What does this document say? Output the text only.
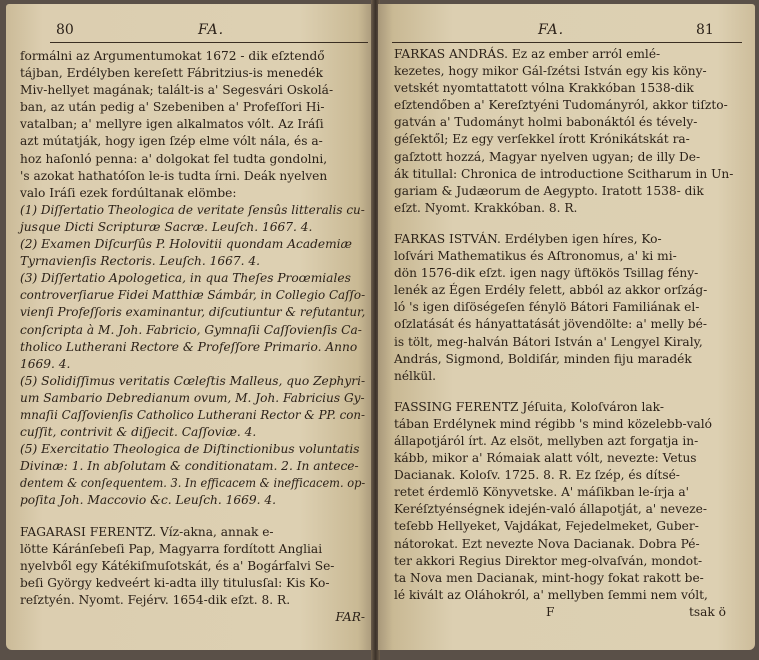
80	FA.
formálni az Argumentumokat 1672 - dik eſztendő
tájban, Erdélyben kereſett Fábritzius-is menedék
Miv-hellyet magának; talált-is a' Segesvári Oskolá-
ban, az után pedig a' Szebeniben a' Profeſſori Hi-
vatalban; a' mellyre igen alkalmatos vólt. Az Iráſi
azt mútatják, hogy igen ſzép elme vólt nála, és a-
hoz haſonló penna: a' dolgokat fel tudta gondolni,
's azokat hathatóſon le-is tudta írni. Deák nyelven
valo Iráſi ezek fordúltanak elömbe:
(1) Diſſertatio Theologica de veritate ſensûs litteralis cu-
jusque Dicti Scripturæ Sacræ. Leuſch. 1667. 4.
(2) Examen Diſcurſûs P. Holovitii quondam Academiæ
Tyrnavienſis Rectoris. Leuſch. 1667. 4.
(3) Diſſertatio Apologetica, in qua Theſes Proœmiales
controverſiarue Fidei Matthiæ Sámbár, in Collegio Caſſo-
vienſi Profeſſoris examinantur, diſcutiuntur & refutantur,
conſcripta à M. Joh. Fabricio, Gymnaſii Caſſovienſis Ca-
tholico Lutherani Rectore & Profeſſore Primario. Anno
1669. 4.
(5) Solidiſſimus veritatis Cœleſtis Malleus, quo Zephyri-
um Sambario Debredianum ovum, M. Joh. Fabricius Gy-
mnaſii Caſſovienſis Catholico Lutherani Rector & PP. con-
cuſſit, contrivit & diſjecit. Caſſoviæ. 4.
(5) Exercitatio Theologica de Diſtinctionibus voluntatis
Divinæ: 1. In abſolutam & conditionatam. 2. In antece-
dentem & conſequentem. 3. In efficacem & inefficacem. op-
poſita Joh. Maccovio &c. Leuſch. 1669. 4.
FAGARASI FERENTZ. Víz-akna, annak e-
lötte Káránſebeſi Pap, Magyarra fordított Angliai
nyelvből egy Kátékiſmuſotskát, és a' Bogárfalvi Se-
beſi György kedveért ki-adta illy titulusſal: Kis Ko-
reſztyén. Nyomt. Fejérv. 1654-dik eſzt. 8. R.
FAR-
FA.	81
FARKAS ANDRÁS. Ez az ember arról emlé-
kezetes, hogy mikor Gál-ſzétsi István egy kis köny-
vetskét nyomtattatott vólna Krakkóban 1538-dik
eſztendőben a' Kereſztyéni Tudományról, akkor tiſzto-
gatván a' Tudományt holmi babonáktól és tévely-
géſektől; Ez egy verſekkel írott Krónikátskát ra-
gaſztott hozzá, Magyar nyelven ugyan; de illy De-
ák titullal: Chronica de introductione Scitharum in Un-
gariam & Judæorum de Aegypto. Iratott 1538- dik
eſzt. Nyomt. Krakkóban. 8. R.
FARKAS ISTVÁN. Erdélyben igen híres, Ko-
loſvári Mathematikus és Aſtronomus, a' ki mi-
dön 1576-dik eſzt. igen nagy üftökös Tsillag fény-
lenék az Égen Erdély felett, abból az akkor orſzág-
ló 's igen diſöségeſen fénylö Bátori Familiának el-
oſzlatását és hányattatását jövendölte: a' melly bé-
is tölt, meg-halván Bátori István a' Lengyel Kiraly,
András, Sigmond, Boldiſár, minden fiju maradék
nélkül.
FASSING FERENTZ Jéſuita, Koloſváron lak-
tában Erdélynek mind régibb 's mind közelebb-való
állapotjáról írt. Az elsöt, mellyben azt forgatja in-
kább, mikor a' Rómaiak alatt vólt, nevezte: Vetus
Dacianak. Koloſv. 1725. 8. R. Ez ſzép, és dítsé-
retet érdemlö Könyvetske. A' máſikban le-írja a'
Keréſztyénségnek idején-való állapotját, a' neveze-
teſebb Hellyeket, Vajdákat, Fejedelmeket, Guber-
nátorokat. Ezt nevezte Nova Dacianak. Dobra Pé-
ter akkori Regius Direktor meg-olvaſván, mondot-
ta Nova men Dacianak, mint-hogy fokat rakott be-
lé kivált az Oláhokról, a' mellyben ſemmi nem vólt,
F	tsak ö
